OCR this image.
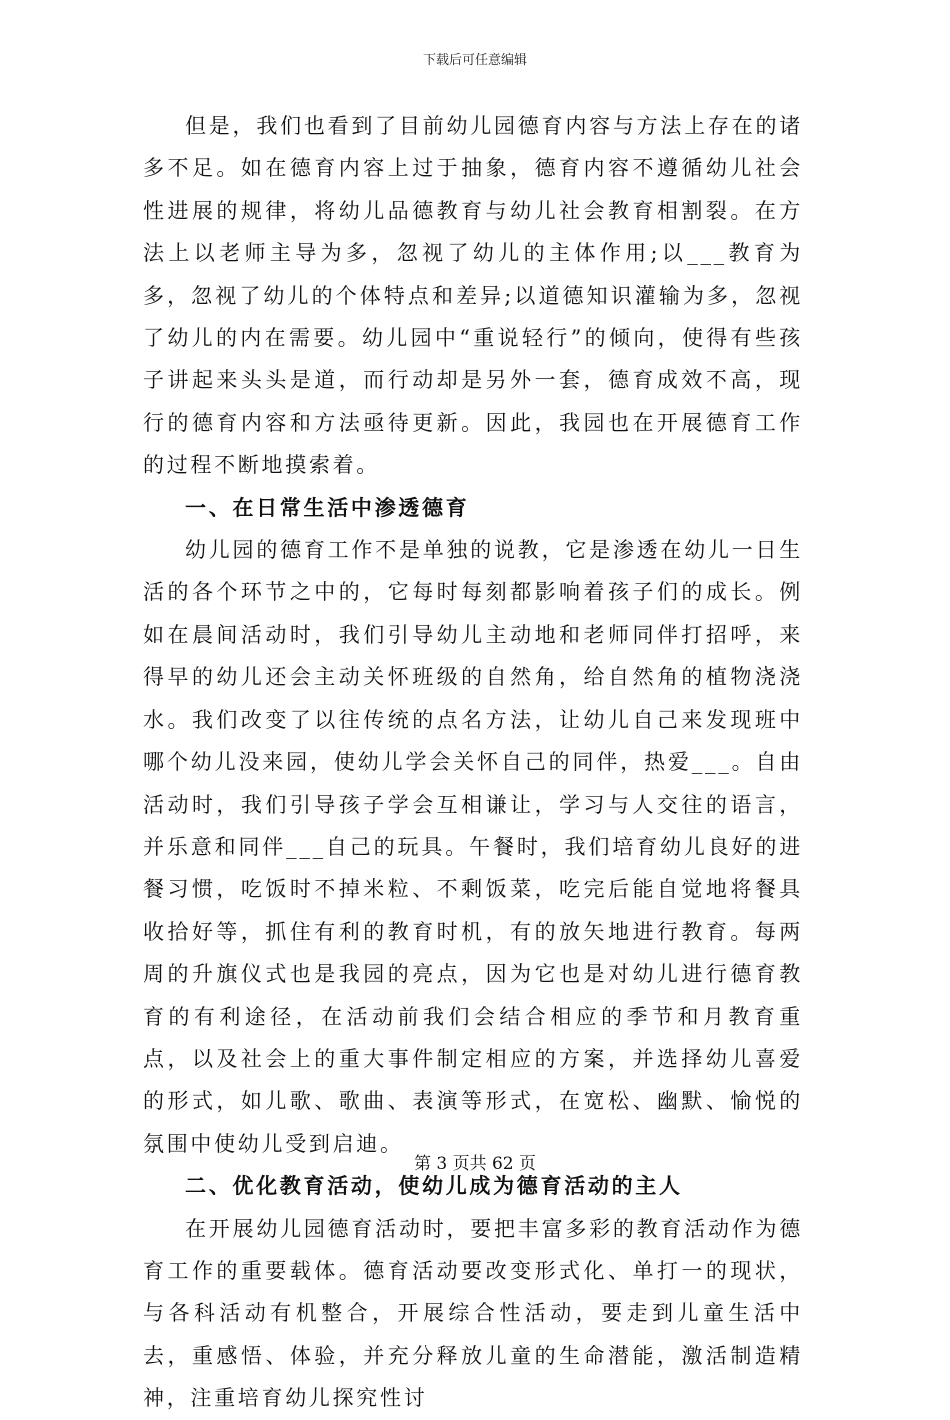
下载后可任意编辑

但是，我们也看到了目前幼儿园德育内容与方法上存在的诸多不足。如在德育内容上过于抽象，德育内容不遵循幼儿社会性进展的规律，将幼儿品德教育与幼儿社会教育相割裂。在方法上以老师主导为多，忽视了幼儿的主体作用;以___教育为多，忽视了幼儿的个体特点和差异;以道德知识灌输为多，忽视了幼儿的内在需要。幼儿园中“重说轻行”的倾向，使得有些孩子讲起来头头是道，而行动却是另外一套，德育成效不高，现行的德育内容和方法亟待更新。因此，我园也在开展德育工作的过程不断地摸索着。

一、在日常生活中渗透德育

幼儿园的德育工作不是单独的说教，它是渗透在幼儿一日生活的各个环节之中的，它每时每刻都影响着孩子们的成长。例如在晨间活动时，我们引导幼儿主动地和老师同伴打招呼，来得早的幼儿还会主动关怀班级的自然角，给自然角的植物浇浇水。我们改变了以往传统的点名方法，让幼儿自己来发现班中哪个幼儿没来园，使幼儿学会关怀自己的同伴，热爱___。自由活动时，我们引导孩子学会互相谦让，学习与人交往的语言，并乐意和同伴___自己的玩具。午餐时，我们培育幼儿良好的进餐习惯，吃饭时不掉米粒、不剩饭菜，吃完后能自觉地将餐具收拾好等，抓住有利的教育时机，有的放矢地进行教育。每两周的升旗仪式也是我园的亮点，因为它也是对幼儿进行德育教育的有利途径，在活动前我们会结合相应的季节和月教育重点，以及社会上的重大事件制定相应的方案，并选择幼儿喜爱的形式，如儿歌、歌曲、表演等形式，在宽松、幽默、愉悦的氛围中使幼儿受到启迪。

二、优化教育活动，使幼儿成为德育活动的主人

在开展幼儿园德育活动时，要把丰富多彩的教育活动作为德育工作的重要载体。德育活动要改变形式化、单打一的现状，与各科活动有机整合，开展综合性活动，要走到儿童生活中去，重感悟、体验，并充分释放儿童的生命潜能，激活制造精神，注重培育幼儿探究性讨

第 3 页共 62 页
